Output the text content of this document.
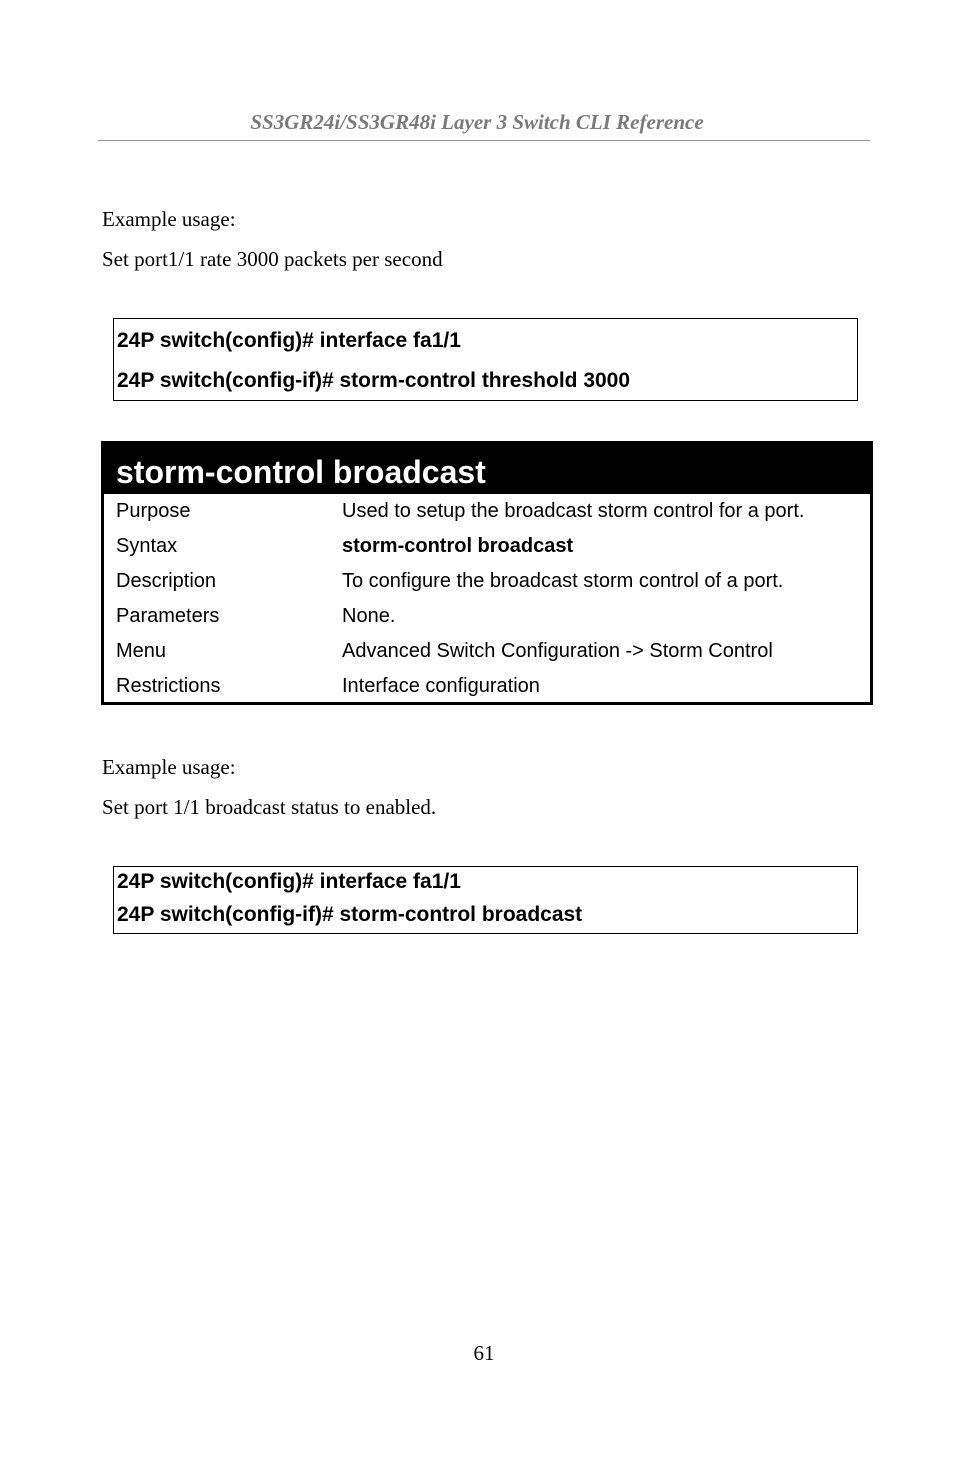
SS3GR24i/SS3GR48i Layer 3 Switch CLI Reference
Example usage:
Set port1/1 rate 3000 packets per second
24P switch(config)# interface fa1/1
24P switch(config-if)# storm-control threshold 3000
storm-control broadcast
Purpose	Used to setup the broadcast storm control for a port.
Syntax	storm-control broadcast
Description	To configure the broadcast storm control of a port.
Parameters	None.
Menu	Advanced Switch Configuration -> Storm Control
Restrictions	Interface configuration
Example usage:
Set port 1/1 broadcast status to enabled.
24P switch(config)# interface fa1/1
24P switch(config-if)# storm-control broadcast
61
